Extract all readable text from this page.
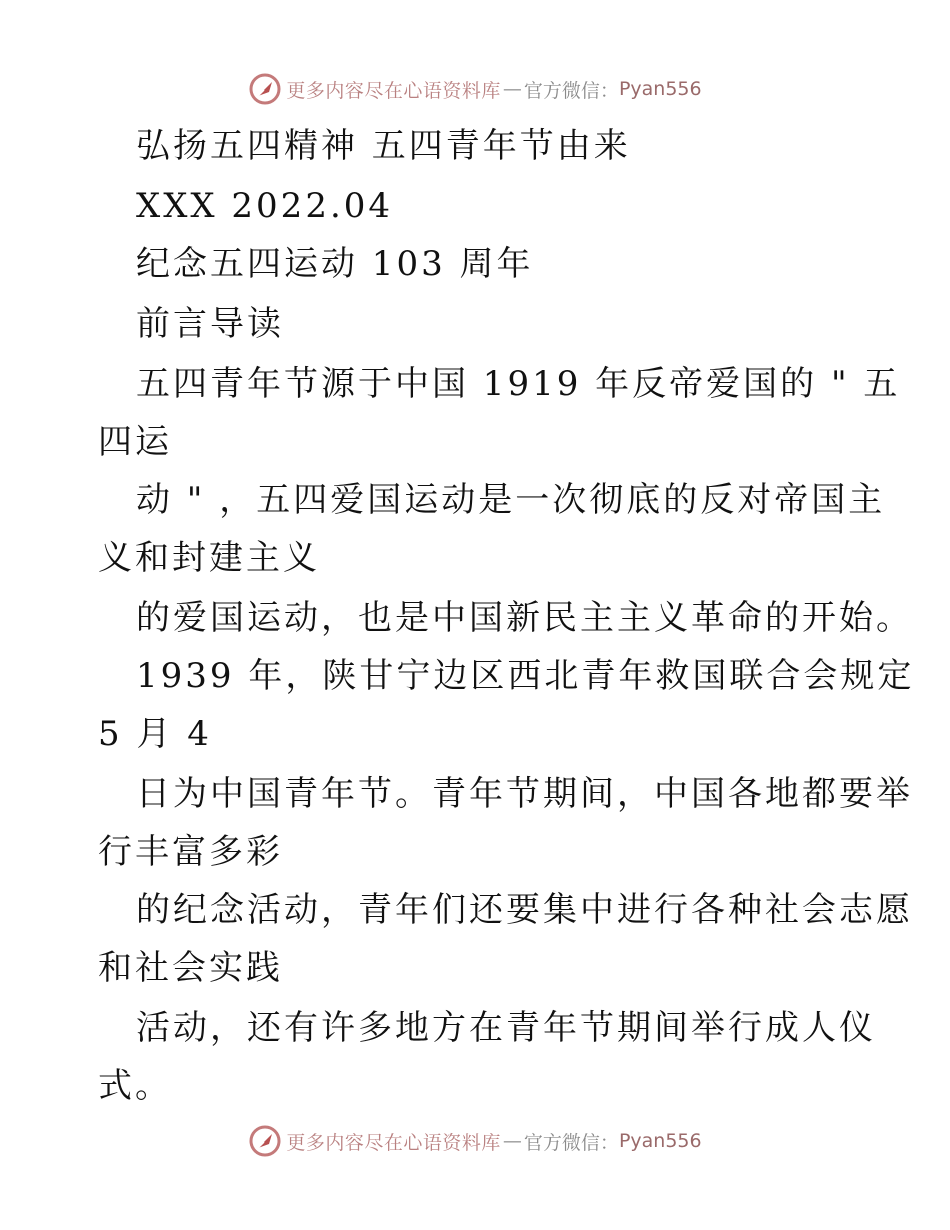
更多内容尽在心语资料库 — 官方微信： Pyan556
弘扬五四精神 五四青年节由来
XXX 2022.04
纪念五四运动 103 周年
前言导读
五四青年节源于中国 1919 年反帝爱国的 " 五
四运
动 " ，五四爱国运动是一次彻底的反对帝国主
义和封建主义
的爱国运动，也是中国新民主主义革命的开始。
1939 年，陕甘宁边区西北青年救国联合会规定
5 月 4
日为中国青年节。青年节期间，中国各地都要举
行丰富多彩
的纪念活动，青年们还要集中进行各种社会志愿
和社会实践
活动，还有许多地方在青年节期间举行成人仪
式。
更多内容尽在心语资料库 — 官方微信： Pyan556
